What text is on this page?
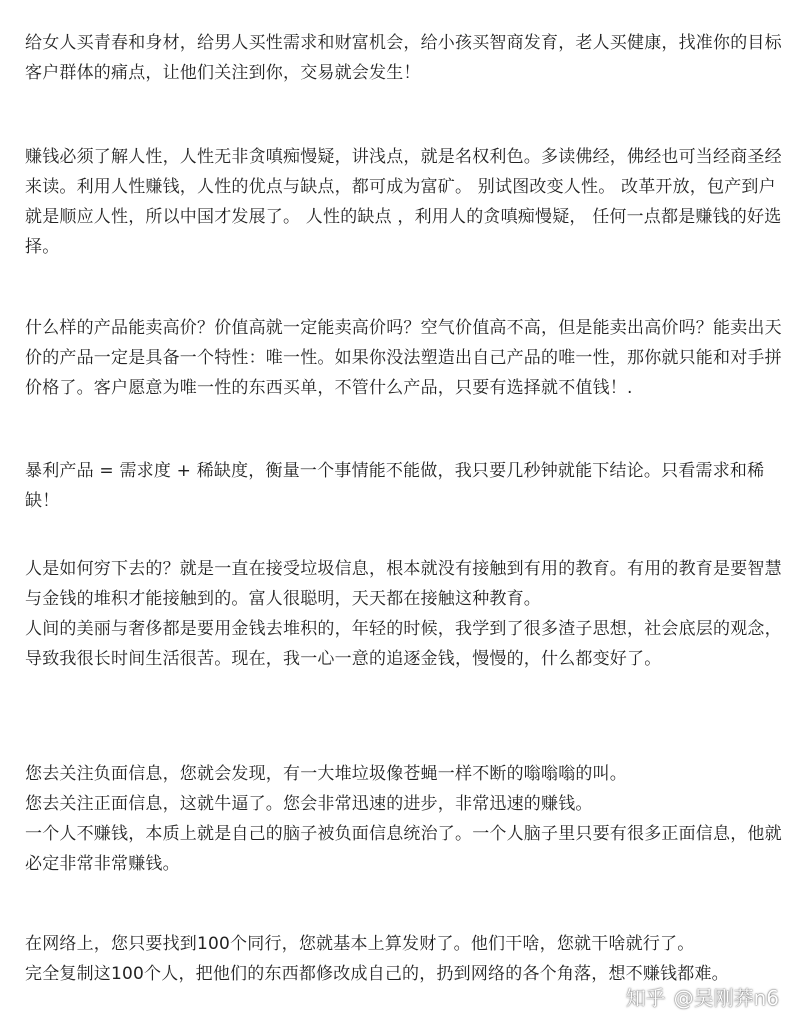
给女人买青春和身材，给男人买性需求和财富机会，给小孩买智商发育，老人买健康，找准你的目标
客户群体的痛点，让他们关注到你，交易就会发生！
赚钱必须了解人性，人性无非贪嗔痴慢疑，讲浅点，就是名权利色。多读佛经，佛经也可当经商圣经
来读。利用人性赚钱，人性的优点与缺点，都可成为富矿。 别试图改变人性。 改革开放，包产到户
就是顺应人性，所以中国才发展了。 人性的缺点 ，利用人的贪嗔痴慢疑， 任何一点都是赚钱的好选
择。
什么样的产品能卖高价？价值高就一定能卖高价吗？空气价值高不高，但是能卖出高价吗？能卖出天
价的产品一定是具备一个特性：唯一性。如果你没法塑造出自己产品的唯一性，那你就只能和对手拼
价格了。客户愿意为唯一性的东西买单，不管什么产品，只要有选择就不值钱！.
暴利产品 = 需求度 + 稀缺度，衡量一个事情能不能做，我只要几秒钟就能下结论。只看需求和稀
缺！
人是如何穷下去的？就是一直在接受垃圾信息，根本就没有接触到有用的教育。有用的教育是要智慧
与金钱的堆积才能接触到的。富人很聪明，天天都在接触这种教育。
人间的美丽与奢侈都是要用金钱去堆积的，年轻的时候，我学到了很多渣子思想，社会底层的观念，
导致我很长时间生活很苦。现在，我一心一意的追逐金钱，慢慢的，什么都变好了。
您去关注负面信息，您就会发现，有一大堆垃圾像苍蝇一样不断的嗡嗡嗡的叫。
您去关注正面信息，这就牛逼了。您会非常迅速的进步，非常迅速的赚钱。
一个人不赚钱，本质上就是自己的脑子被负面信息统治了。一个人脑子里只要有很多正面信息，他就
必定非常非常赚钱。
在网络上，您只要找到100个同行，您就基本上算发财了。他们干啥，您就干啥就行了。
完全复制这100个人，把他们的东西都修改成自己的，扔到网络的各个角落，想不赚钱都难。
知乎 @吴刚莽n6
